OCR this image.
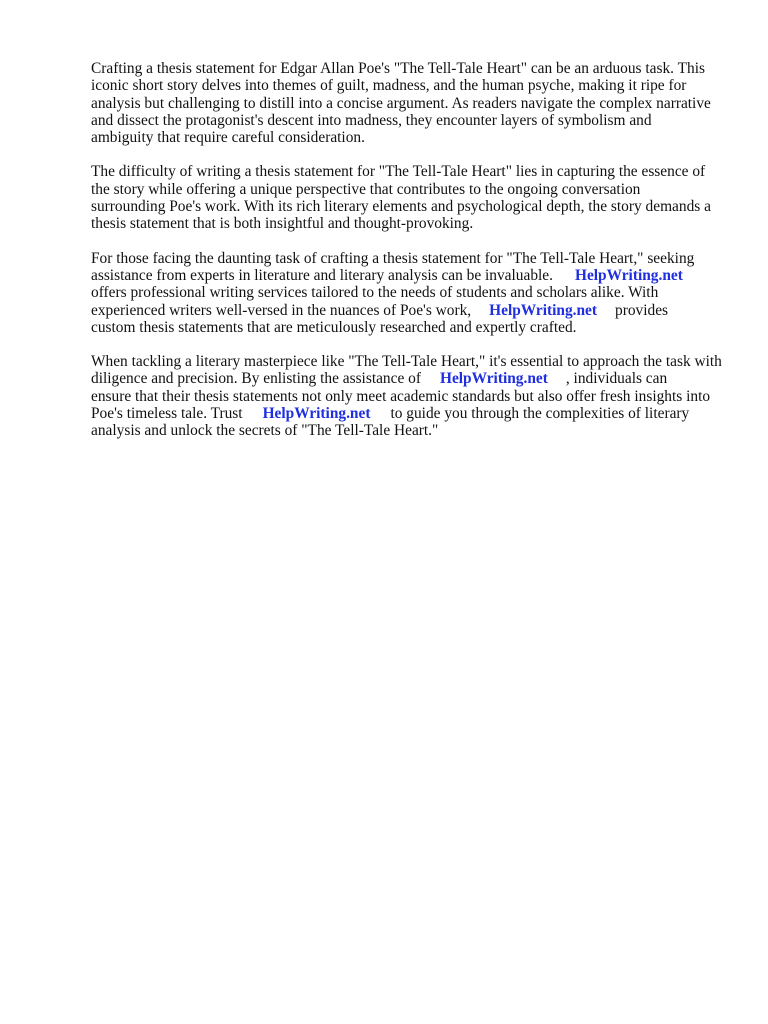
Crafting a thesis statement for Edgar Allan Poe's "The Tell-Tale Heart" can be an arduous task. This
iconic short story delves into themes of guilt, madness, and the human psyche, making it ripe for
analysis but challenging to distill into a concise argument. As readers navigate the complex narrative
and dissect the protagonist's descent into madness, they encounter layers of symbolism and
ambiguity that require careful consideration.

The difficulty of writing a thesis statement for "The Tell-Tale Heart" lies in capturing the essence of
the story while offering a unique perspective that contributes to the ongoing conversation
surrounding Poe's work. With its rich literary elements and psychological depth, the story demands a
thesis statement that is both insightful and thought-provoking.

For those facing the daunting task of crafting a thesis statement for "The Tell-Tale Heart," seeking
assistance from experts in literature and literary analysis can be invaluable. HelpWriting.net
offers professional writing services tailored to the needs of students and scholars alike. With
experienced writers well-versed in the nuances of Poe's work, HelpWriting.net provides
custom thesis statements that are meticulously researched and expertly crafted.

When tackling a literary masterpiece like "The Tell-Tale Heart," it's essential to approach the task with
diligence and precision. By enlisting the assistance of HelpWriting.net , individuals can
ensure that their thesis statements not only meet academic standards but also offer fresh insights into
Poe's timeless tale. Trust HelpWriting.net to guide you through the complexities of literary
analysis and unlock the secrets of "The Tell-Tale Heart."
